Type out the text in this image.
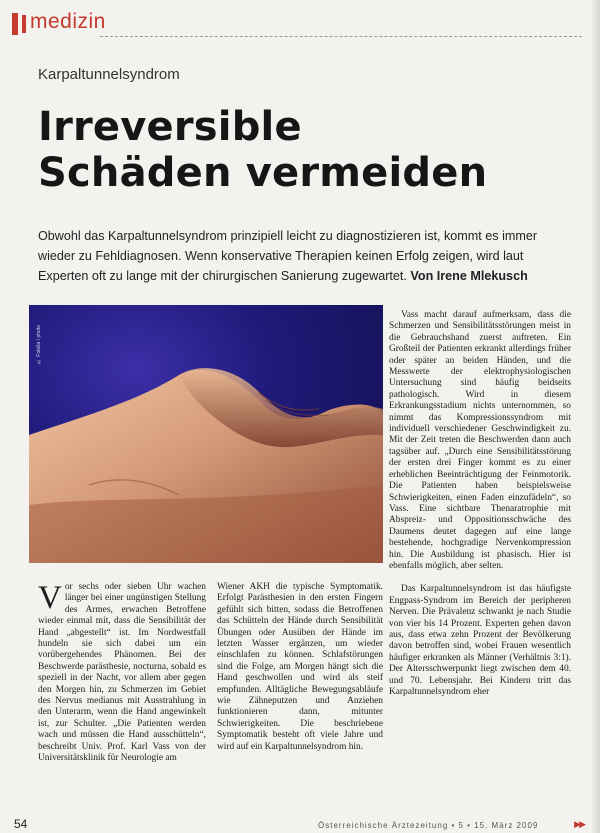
medizin
Karpaltunnelsyndrom
Irreversible
Schäden vermeiden

Obwohl das Karpaltunnelsyndrom prinzipiell leicht zu diagnostizieren ist, kommt es immer wieder zu Fehldiagnosen. Wenn konservative Therapien keinen Erfolg zeigen, wird laut Experten oft zu lange mit der chirurgischen Sanierung zugewartet. Von Irene Mlekusch

© Fotolia / photo
V or sechs oder sieben Uhr wachen länger bei einer ungünstigen Stellung des Armes, erwachen Betroffene wieder einmal mit, dass die Sensibilität der Hand „abgestellt“ ist. Im Nordwestfall hundeln sie sich dabei um ein vorübergehendes Phänomen. Bei der Beschwerde parästhesie, nocturna, sobald es speziell in der Nacht, vor allem aber gegen den Morgen hin, zu Schmerzen im Gebiet des Nervus medianus mit Ausstrahlung in den Unterarm, wenn die Hand angewinkelt ist, zur Schulter. „Die Patienten werden wach und müssen die Hand ausschütteln“, beschreibt Univ. Prof. Karl Vass von der Universitätsklinik für Neurologie am

Wiener AKH die typische Symptomatik. Erfolgt Parästhesien in den ersten Fingern gefühlt sich bitten, sodass die Betroffenen das Schütteln der Hände durch Sensibilität Übungen oder Ausüben der Hände im letzten Wasser ergänzen, um wieder einschlafen zu können. Schlafstörungen sind die Folge, am Morgen hängt sich die Hand geschwollen und wird als steif empfunden. Alltägliche Bewegungsabläufe wie Zähneputzen und Anziehen funktionieren dann, mitunter Schwierigkeiten. Die beschriebene Symptomatik besteht oft viele Jahre und wird auf ein Karpaltunnelsyndrom hin.

Vass macht darauf aufmerksam, dass die Schmerzen und Sensibilitätsstörungen meist in die Gebrauchshand zuerst auftreten. Ein Großteil der Patienten erkrankt allerdings früher oder später an beiden Händen, und die Messwerte der elektrophysiologischen Untersuchung sind häufig beidseits pathologisch. Wird in diesem Erkrankungsstadium nichts unternommen, so nimmt das Kompressionssyndrom mit individuell verschiedener Geschwindigkeit zu. Mit der Zeit treten die Beschwerden dann auch tagsüber auf. „Durch eine Sensibilitätsstörung der ersten drei Finger kommt es zu einer erheblichen Beeinträchtigung der Feinmotorik. Die Patienten haben beispielsweise Schwierigkeiten, einen Faden einzufädeln“, so Vass. Eine sichtbare Thenaratrophie mit Abspreiz- und Oppositionsschwäche des Daumens deutet dagegen auf eine lange bestehende, hochgradige Nervenkompression hin. Die Ausbildung ist phasisch. Hier ist ebenfalls möglich, aber selten.

Das Karpaltunnelsyndrom ist das häufigste Engpass-Syndrom im Bereich der peripheren Nerven. Die Prävalenz schwankt je nach Studie von vier bis 14 Prozent. Experten gehen davon aus, dass etwa zehn Prozent der Bevölkerung davon betroffen sind, wobei Frauen wesentlich häufiger erkranken als Männer (Verhältnis 3:1). Der Altersschwerpunkt liegt zwischen dem 40. und 70. Lebensjahr. Bei Kindern tritt das Karpaltunnelsyndrom eher

▶▶
54	Österreichische Ärztezeitung • 5 • 15. März 2009
